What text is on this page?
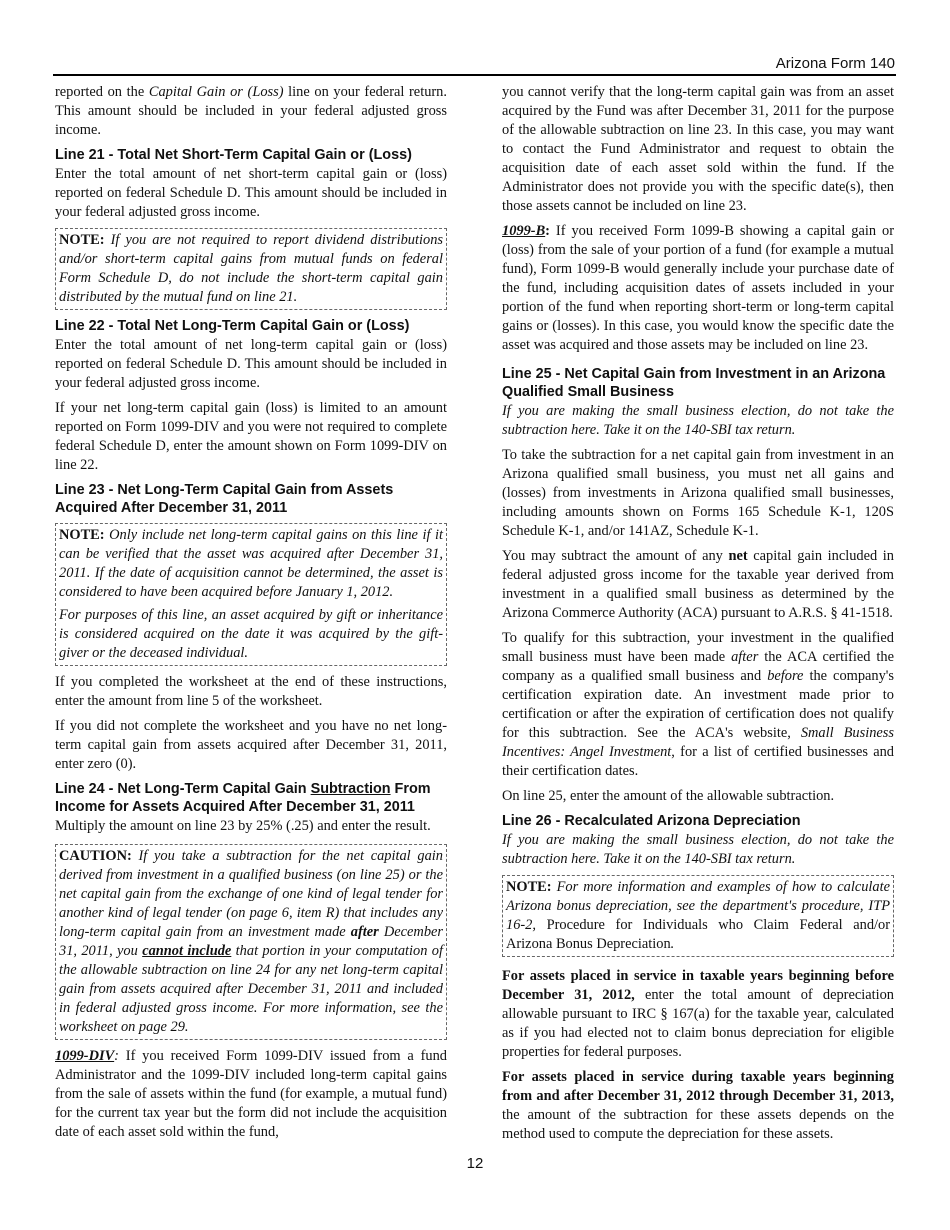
Arizona Form 140

reported on the Capital Gain or (Loss) line on your federal return. This amount should be included in your federal adjusted gross income.

Line 21 - Total Net Short-Term Capital Gain or (Loss)

Enter the total amount of net short-term capital gain or (loss) reported on federal Schedule D. This amount should be included in your federal adjusted gross income.

NOTE: If you are not required to report dividend distributions and/or short-term capital gains from mutual funds on federal Form Schedule D, do not include the short-term capital gain distributed by the mutual fund on line 21.

Line 22 - Total Net Long-Term Capital Gain or (Loss)

Enter the total amount of net long-term capital gain or (loss) reported on federal Schedule D. This amount should be included in your federal adjusted gross income.

If your net long-term capital gain (loss) is limited to an amount reported on Form 1099-DIV and you were not required to complete federal Schedule D, enter the amount shown on Form 1099-DIV on line 22.

Line 23 - Net Long-Term Capital Gain from Assets Acquired After December 31, 2011

NOTE: Only include net long-term capital gains on this line if it can be verified that the asset was acquired after December 31, 2011. If the date of acquisition cannot be determined, the asset is considered to have been acquired before January 1, 2012.

For purposes of this line, an asset acquired by gift or inheritance is considered acquired on the date it was acquired by the gift-giver or the deceased individual.

If you completed the worksheet at the end of these instructions, enter the amount from line 5 of the worksheet.

If you did not complete the worksheet and you have no net long-term capital gain from assets acquired after December 31, 2011, enter zero (0).

Line 24 - Net Long-Term Capital Gain Subtraction From Income for Assets Acquired After December 31, 2011

Multiply the amount on line 23 by 25% (.25) and enter the result.

CAUTION: If you take a subtraction for the net capital gain derived from investment in a qualified business (on line 25) or the net capital gain from the exchange of one kind of legal tender for another kind of legal tender (on page 6, item R) that includes any long-term capital gain from an investment made after December 31, 2011, you cannot include that portion in your computation of the allowable subtraction on line 24 for any net long-term capital gain from assets acquired after December 31, 2011 and included in federal adjusted gross income. For more information, see the worksheet on page 29.

1099-DIV: If you received Form 1099-DIV issued from a fund Administrator and the 1099-DIV included long-term capital gains from the sale of assets within the fund (for example, a mutual fund) for the current tax year but the form did not include the acquisition date of each asset sold within the fund,

you cannot verify that the long-term capital gain was from an asset acquired by the Fund was after December 31, 2011 for the purpose of the allowable subtraction on line 23. In this case, you may want to contact the Fund Administrator and request to obtain the acquisition date of each asset sold within the fund. If the Administrator does not provide you with the specific date(s), then those assets cannot be included on line 23.

1099-B: If you received Form 1099-B showing a capital gain or (loss) from the sale of your portion of a fund (for example a mutual fund), Form 1099-B would generally include your purchase date of the fund, including acquisition dates of assets included in your portion of the fund when reporting short-term or long-term capital gains or (losses). In this case, you would know the specific date the asset was acquired and those assets may be included on line 23.

Line 25 - Net Capital Gain from Investment in an Arizona Qualified Small Business

If you are making the small business election, do not take the subtraction here. Take it on the 140-SBI tax return.

To take the subtraction for a net capital gain from investment in an Arizona qualified small business, you must net all gains and (losses) from investments in Arizona qualified small businesses, including amounts shown on Forms 165 Schedule K-1, 120S Schedule K-1, and/or 141AZ, Schedule K-1.

You may subtract the amount of any net capital gain included in federal adjusted gross income for the taxable year derived from investment in a qualified small business as determined by the Arizona Commerce Authority (ACA) pursuant to A.R.S. § 41-1518.

To qualify for this subtraction, your investment in the qualified small business must have been made after the ACA certified the company as a qualified small business and before the company's certification expiration date. An investment made prior to certification or after the expiration of certification does not qualify for this subtraction. See the ACA's website, Small Business Incentives: Angel Investment, for a list of certified businesses and their certification dates.

On line 25, enter the amount of the allowable subtraction.

Line 26 - Recalculated Arizona Depreciation

If you are making the small business election, do not take the subtraction here. Take it on the 140-SBI tax return.

NOTE: For more information and examples of how to calculate Arizona bonus depreciation, see the department's procedure, ITP 16-2, Procedure for Individuals who Claim Federal and/or Arizona Bonus Depreciation.

For assets placed in service in taxable years beginning before December 31, 2012, enter the total amount of depreciation allowable pursuant to IRC § 167(a) for the taxable year, calculated as if you had elected not to claim bonus depreciation for eligible properties for federal purposes.

For assets placed in service during taxable years beginning from and after December 31, 2012 through December 31, 2013, the amount of the subtraction for these assets depends on the method used to compute the depreciation for these assets.

12
